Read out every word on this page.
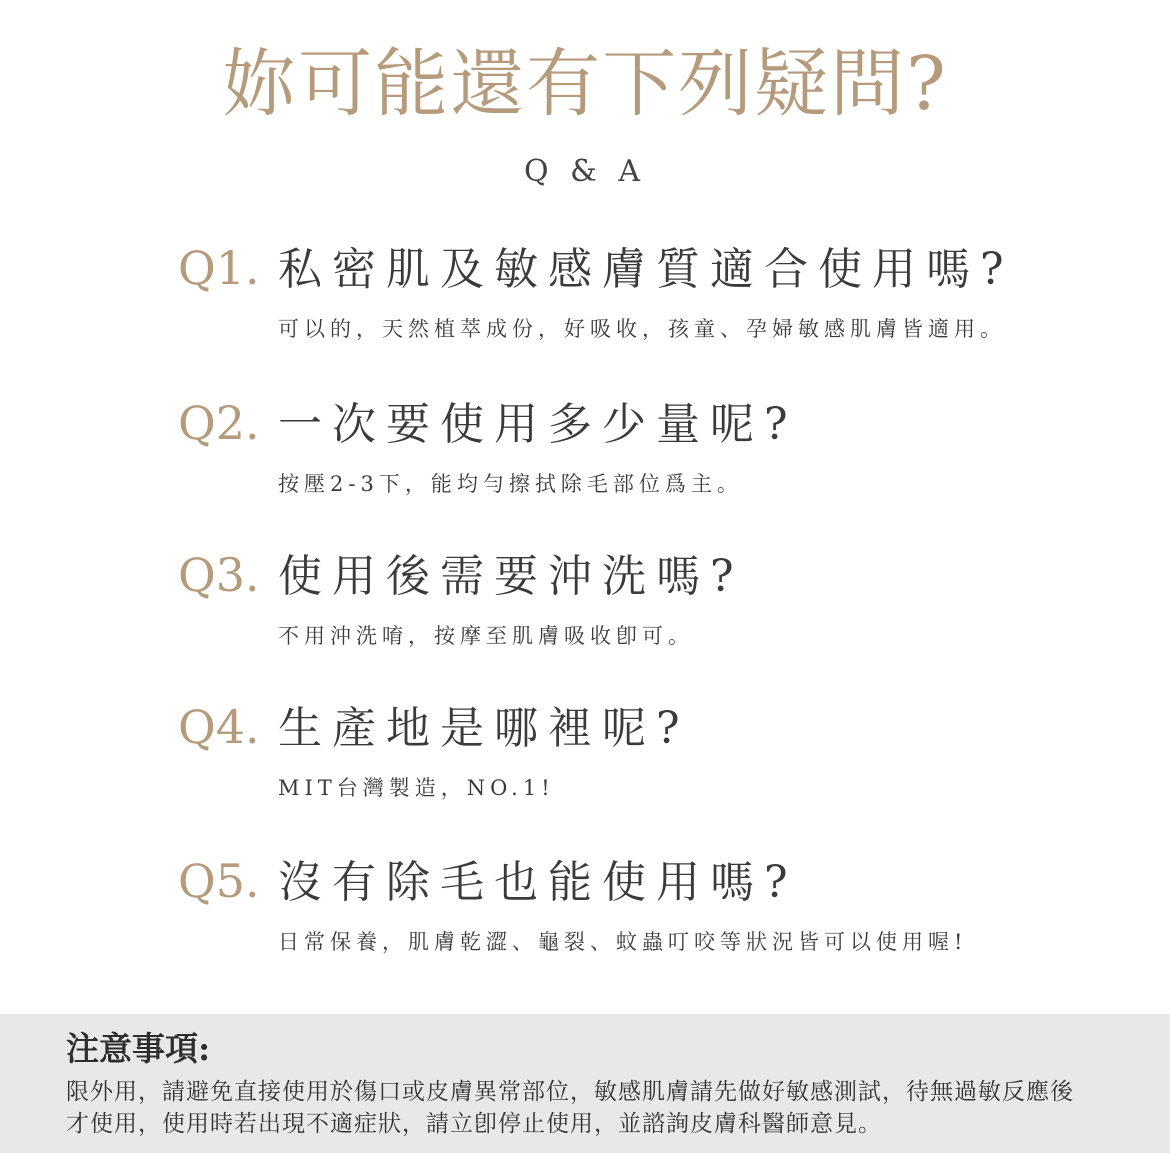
妳可能還有下列疑問?
Q & A
Q1. 私密肌及敏感膚質適合使用嗎?
可以的，天然植萃成份，好吸收，孩童、孕婦敏感肌膚皆適用。
Q2. 一次要使用多少量呢?
按壓2-3下，能均勻擦拭除毛部位爲主。
Q3. 使用後需要沖洗嗎?
不用沖洗唷，按摩至肌膚吸收卽可。
Q4. 生產地是哪裡呢?
MIT台灣製造，NO.1!
Q5. 沒有除毛也能使用嗎?
日常保養，肌膚乾澀、龜裂、蚊蟲叮咬等狀況皆可以使用喔!
注意事項:
限外用，請避免直接使用於傷口或皮膚異常部位，敏感肌膚請先做好敏感測試，待無過敏反應後
才使用，使用時若出現不適症狀，請立卽停止使用，並諮詢皮膚科醫師意見。
